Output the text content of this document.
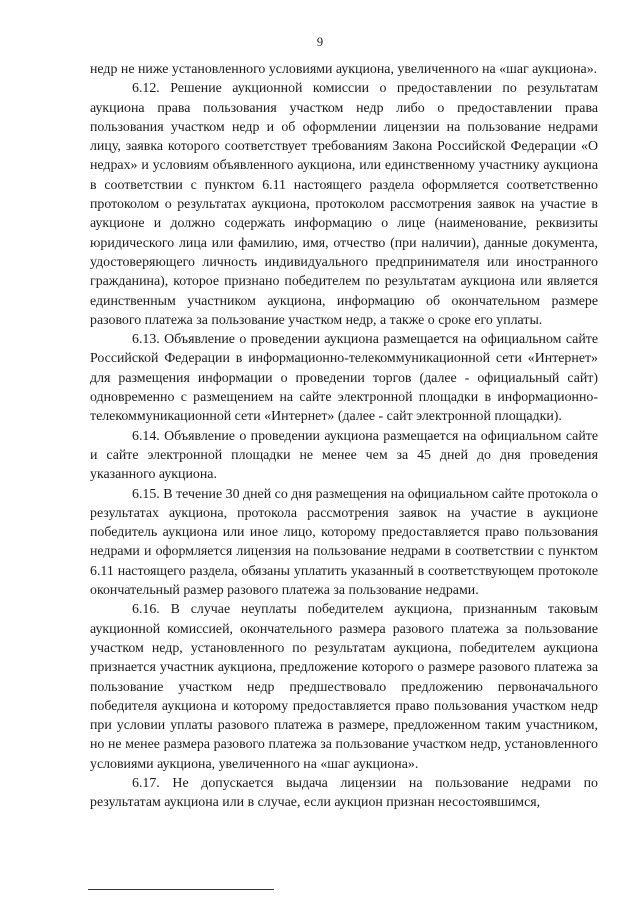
9

недр не ниже установленного условиями аукциона, увеличенного на «шаг аукциона».

6.12. Решение аукционной комиссии о предоставлении по результатам аукциона права пользования участком недр либо о предоставлении права пользования участком недр и об оформлении лицензии на пользование недрами лицу, заявка которого соответствует требованиям Закона Российской Федерации «О недрах» и условиям объявленного аукциона, или единственному участнику аукциона в соответствии с пунктом 6.11 настоящего раздела оформляется соответственно протоколом о результатах аукциона, протоколом рассмотрения заявок на участие в аукционе и должно содержать информацию о лице (наименование, реквизиты юридического лица или фамилию, имя, отчество (при наличии), данные документа, удостоверяющего личность индивидуального предпринимателя или иностранного гражданина), которое признано победителем по результатам аукциона или является единственным участником аукциона, информацию об окончательном размере разового платежа за пользование участком недр, а также о сроке его уплаты.

6.13. Объявление о проведении аукциона размещается на официальном сайте Российской Федерации в информационно-телекоммуникационной сети «Интернет» для размещения информации о проведении торгов (далее - официальный сайт) одновременно с размещением на сайте электронной площадки в информационно-телекоммуникационной сети «Интернет» (далее - сайт электронной площадки).

6.14. Объявление о проведении аукциона размещается на официальном сайте и сайте электронной площадки не менее чем за 45 дней до дня проведения указанного аукциона.

6.15. В течение 30 дней со дня размещения на официальном сайте протокола о результатах аукциона, протокола рассмотрения заявок на участие в аукционе победитель аукциона или иное лицо, которому предоставляется право пользования недрами и оформляется лицензия на пользование недрами в соответствии с пунктом 6.11 настоящего раздела, обязаны уплатить указанный в соответствующем протоколе окончательный размер разового платежа за пользование недрами.

6.16. В случае неуплаты победителем аукциона, признанным таковым аукционной комиссией, окончательного размера разового платежа за пользование участком недр, установленного по результатам аукциона, победителем аукциона признается участник аукциона, предложение которого о размере разового платежа за пользование участком недр предшествовало предложению первоначального победителя аукциона и которому предоставляется право пользования участком недр при условии уплаты разового платежа в размере, предложенном таким участником, но не менее размера разового платежа за пользование участком недр, установленного условиями аукциона, увеличенного на «шаг аукциона».

6.17. Не допускается выдача лицензии на пользование недрами по результатам аукциона или в случае, если аукцион признан несостоявшимся,
